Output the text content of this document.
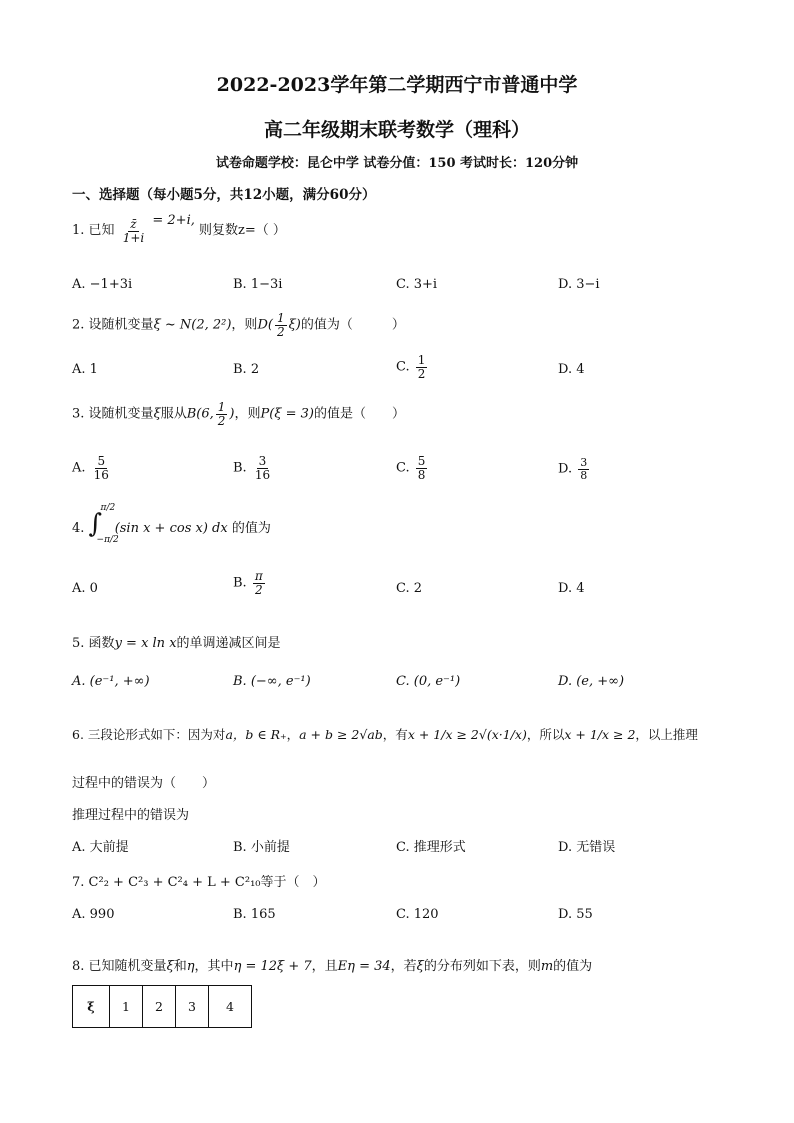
2022-2023学年第二学期西宁市普通中学
高二年级期末联考数学（理科）
试卷命题学校：昆仑中学 试卷分值：150 考试时长：120分钟
一、选择题（每小题5分，共12小题，满分60分）
1. 已知 $\frac{z̄}{1+i} = 2+i$, 则复数z=（ ）
A. −1+3i	B. 1−3i	C. 3+i	D. 3−i
2. 设随机变量ξ ~ N(2, 2²)，则$D( \frac{1}{2} \xi)$的值为（　　　）
A. 1	B. 2	C. $\frac{1}{2}$	D. 4
3. 设随机变量ξ服从B(6, $\frac{1}{2}$ )，则P(ξ = 3)的值是（　　）
A. $\frac{5}{16}$	B. $\frac{3}{16}$	C. $\frac{5}{8}$	D. $\frac{3}{8}$
4. ∫
π/2
−π/2
(sin x + cos x) dx 的值为
A. 0	B. $\frac{\pi}{2}$	C. 2	D. 4
5. 函数y = x ln x的单调递减区间是
A. (e⁻¹, +∞)	B. (−∞, e⁻¹)	C. (0, e⁻¹)	D. (e, +∞)
6. 三段论形式如下：因为对a，b ∈ R₊，a + b ≥ 2√ab，有x + 1/x ≥ 2√(x·1/x)，所以x + 1/x ≥ 2，以上推理
过程中的错误为（　　）
推理过程中的错误为
A. 大前提	B. 小前提	C. 推理形式	D. 无错误
7. C²₂ + C²₃ + C²₄ + L + C²₁₀等于（　）
A. 990	B. 165	C. 120	D. 55
8. 已知随机变量ξ和η，其中η = 12ξ + 7，且Eη = 34，若ξ的分布列如下表，则m的值为
ξ	1	2	3	4
